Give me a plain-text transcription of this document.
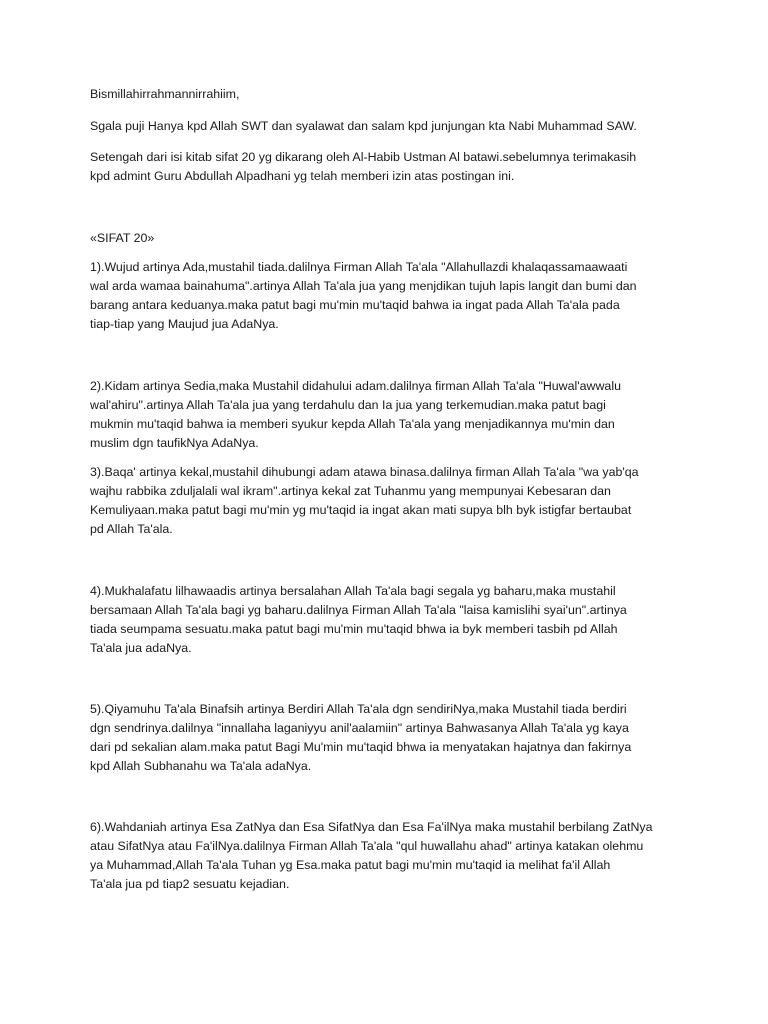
Bismillahirrahmannirrahiim,

Sgala puji Hanya kpd Allah SWT dan syalawat dan salam kpd junjungan kta Nabi Muhammad SAW.

Setengah dari isi kitab sifat 20 yg dikarang oleh Al-Habib Ustman Al batawi.sebelumnya terimakasih
kpd admint Guru Abdullah Alpadhani yg telah memberi izin atas postingan ini.

«SIFAT 20»

1).Wujud artinya Ada,mustahil tiada.dalilnya Firman Allah Ta'ala "Allahullazdi khalaqassamaawaati
wal arda wamaa bainahuma".artinya Allah Ta'ala jua yang menjdikan tujuh lapis langit dan bumi dan
barang antara keduanya.maka patut bagi mu'min mu'taqid bahwa ia ingat pada Allah Ta'ala pada
tiap-tiap yang Maujud jua AdaNya.

2).Kidam artinya Sedia,maka Mustahil didahului adam.dalilnya firman Allah Ta'ala "Huwal'awwalu
wal'ahiru".artinya Allah Ta'ala jua yang terdahulu dan Ia jua yang terkemudian.maka patut bagi
mukmin mu'taqid bahwa ia memberi syukur kepda Allah Ta'ala yang menjadikannya mu'min dan
muslim dgn taufikNya AdaNya.

3).Baqa' artinya kekal,mustahil dihubungi adam atawa binasa.dalilnya firman Allah Ta'ala "wa yab'qa
wajhu rabbika zduljalali wal ikram".artinya kekal zat Tuhanmu yang mempunyai Kebesaran dan
Kemuliyaan.maka patut bagi mu'min yg mu'taqid ia ingat akan mati supya blh byk istigfar bertaubat
pd Allah Ta'ala.

4).Mukhalafatu lilhawaadis artinya bersalahan Allah Ta'ala bagi segala yg baharu,maka mustahil
bersamaan Allah Ta'ala bagi yg baharu.dalilnya Firman Allah Ta'ala "laisa kamislihi syai'un".artinya
tiada seumpama sesuatu.maka patut bagi mu'min mu'taqid bhwa ia byk memberi tasbih pd Allah
Ta'ala jua adaNya.

5).Qiyamuhu Ta'ala Binafsih artinya Berdiri Allah Ta'ala dgn sendiriNya,maka Mustahil tiada berdiri
dgn sendrinya.dalilnya "innallaha laganiyyu anil'aalamiin" artinya Bahwasanya Allah Ta'ala yg kaya
dari pd sekalian alam.maka patut Bagi Mu'min mu'taqid bhwa ia menyatakan hajatnya dan fakirnya
kpd Allah Subhanahu wa Ta'ala adaNya.

6).Wahdaniah artinya Esa ZatNya dan Esa SifatNya dan Esa Fa'ilNya maka mustahil berbilang ZatNya
atau SifatNya atau Fa'ilNya.dalilnya Firman Allah Ta'ala "qul huwallahu ahad" artinya katakan olehmu
ya Muhammad,Allah Ta'ala Tuhan yg Esa.maka patut bagi mu'min mu'taqid ia melihat fa'il Allah
Ta'ala jua pd tiap2 sesuatu kejadian.
